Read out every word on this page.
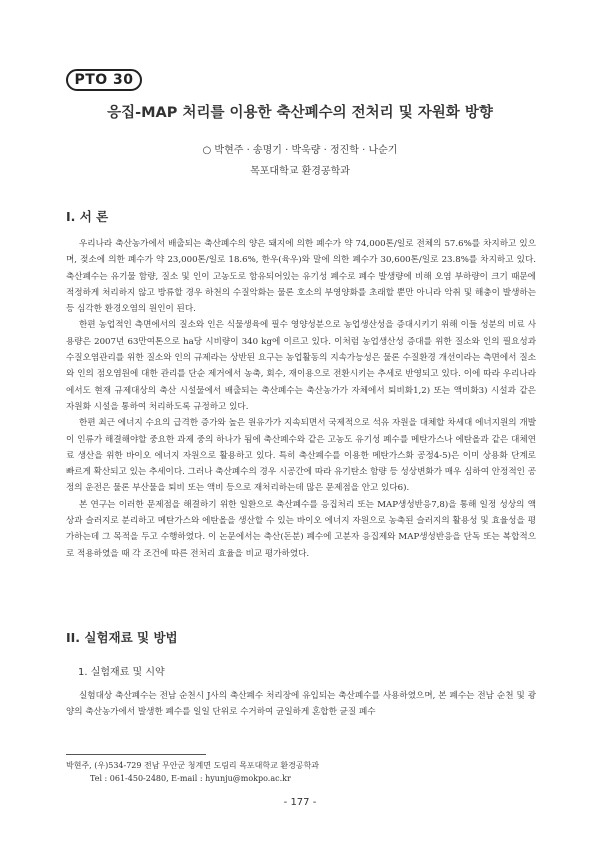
PTO 30
응집-MAP 처리를 이용한 축산폐수의 전처리 및 자원화 방향
○ 박현주 · 송명기 · 박욱량 · 정진학 · 나순기
목포대학교 환경공학과
I. 서 론

우리나라 축산농가에서 배출되는 축산폐수의 양은 돼지에 의한 폐수가 약 74,000톤/일로 전체의 57.6%를 차지하고 있으며, 젖소에 의한 폐수가 약 23,000톤/일로 18.6%, 한우(육우)와 말에 의한 폐수가 30,600톤/일로 23.8%를 차지하고 있다. 축산폐수는 유기물 함량, 질소 및 인이 고농도로 함유되어있는 유기성 폐수로 폐수 발생량에 비해 오염 부하량이 크기 때문에 적정하게 처리하지 않고 방류할 경우 하천의 수질악화는 물론 호소의 부영양화를 초래할 뿐만 아니라 악취 및 해충이 발생하는 등 심각한 환경오염의 원인이 된다.

한편 농업적인 측면에서의 질소와 인은 식물생육에 필수 영양성분으로 농업생산성을 증대시키기 위해 이들 성분의 비료 사용량은 2007년 63만여톤으로 ha당 시비량이 340 kg에 이르고 있다. 이처럼 농업생산성 증대를 위한 질소와 인의 필요성과 수질오염관리를 위한 질소와 인의 규제라는 상반된 요구는 농업활동의 지속가능성은 물론 수질환경 개선이라는 측면에서 질소와 인의 점오염원에 대한 관리를 단순 제거에서 농축, 회수, 재이용으로 전환시키는 추세로 반영되고 있다. 이에 따라 우리나라에서도 현재 규제대상의 축산 시설물에서 배출되는 축산폐수는 축산농가가 자체에서 퇴비화1,2) 또는 액비화3) 시설과 같은 자원화 시설을 통하여 처리하도록 규정하고 있다.

한편 최근 에너지 수요의 급격한 증가와 높은 원유가가 지속되면서 국제적으로 석유 자원을 대체할 차세대 에너지원의 개발이 인류가 해결해야할 중요한 과제 중의 하나가 됨에 축산폐수와 같은 고농도 유기성 폐수를 메탄가스나 에탄올과 같은 대체연료 생산을 위한 바이오 에너지 자원으로 활용하고 있다. 특히 축산폐수를 이용한 메탄가스화 공정4-5)은 이미 상용화 단계로 빠르게 확산되고 있는 추세이다. 그러나 축산폐수의 경우 시공간에 따라 유기탄소 함량 등 성상변화가 매우 심하여 안정적인 공정의 운전은 물론 부산물을 퇴비 또는 액비 등으로 재처리하는데 많은 문제점을 안고 있다6).

본 연구는 이러한 문제점을 해결하기 위한 일환으로 축산폐수를 응집처리 또는 MAP생성반응7,8)을 통해 일정 성상의 액상과 슬러지로 분리하고 메탄가스와 에탄올을 생산할 수 있는 바이오 에너지 자원으로 농축된 슬러지의 활용성 및 효율성을 평가하는데 그 목적을 두고 수행하였다. 이 논문에서는 축산(돈분) 폐수에 고분자 응집제와 MAP생성반응을 단독 또는 복합적으로 적용하였을 때 각 조건에 따른 전처리 효율을 비교 평가하였다.

II. 실험재료 및 방법
1. 실험재료 및 시약

실험대상 축산폐수는 전남 순천시 J사의 축산폐수 처리장에 유입되는 축산폐수를 사용하였으며, 본 폐수는 전남 순천 및 광양의 축산농가에서 발생한 폐수를 일일 단위로 수거하여 균일하게 혼합한 균질 폐수

박현주, (우)534-729 전남 무안군 청계면 도림리 목포대학교 환경공학과
Tel : 061-450-2480, E-mail : hyunju@mokpo.ac.kr
- 177 -
